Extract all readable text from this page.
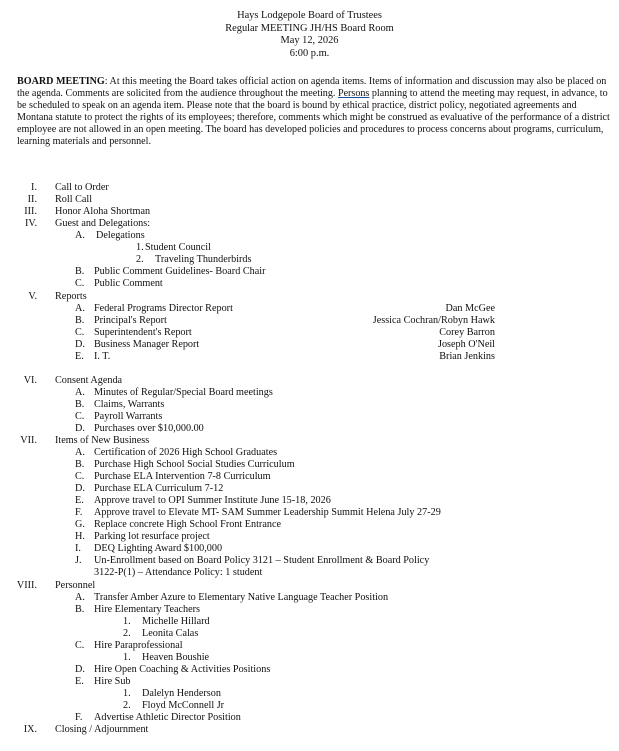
Hays Lodgepole Board of Trustees
Regular MEETING JH/HS Board Room
May 12, 2026
6:00 p.m.
BOARD MEETING: At this meeting the Board takes official action on agenda items. Items of information and discussion may also be placed on the agenda. Comments are solicited from the audience throughout the meeting. Persons planning to attend the meeting may request, in advance, to be scheduled to speak on an agenda item. Please note that the board is bound by ethical practice, district policy, negotiated agreements and Montana statute to protect the rights of its employees; therefore, comments which might be construed as evaluative of the performance of a district employee are not allowed in an open meeting. The board has developed policies and procedures to process concerns about programs, curriculum, learning materials and personnel.
I. Call to Order
II. Roll Call
III. Honor Aloha Shortman
IV. Guest and Delegations:
A. Delegations
1. Student Council
2. Traveling Thunderbirds
B. Public Comment Guidelines- Board Chair
C. Public Comment
V. Reports
A. Federal Programs Director Report	Dan McGee
B. Principal's Report	Jessica Cochran/Robyn Hawk
C. Superintendent's Report	Corey Barron
D. Business Manager Report	Joseph O'Neil
E. I. T.	Brian Jenkins
VI. Consent Agenda
A. Minutes of Regular/Special Board meetings
B. Claims, Warrants
C. Payroll Warrants
D. Purchases over $10,000.00
VII. Items of New Business
A. Certification of 2026 High School Graduates
B. Purchase High School Social Studies Curriculum
C. Purchase ELA Intervention 7-8 Curriculum
D. Purchase ELA Curriculum 7-12
E. Approve travel to OPI Summer Institute June 15-18, 2026
F. Approve travel to Elevate MT- SAM Summer Leadership Summit Helena July 27-29
G. Replace concrete High School Front Entrance
H. Parking lot resurface project
I. DEQ Lighting Award $100,000
J. Un-Enrollment based on Board Policy 3121 – Student Enrollment & Board Policy
3122-P(1) – Attendance Policy: 1 student
VIII. Personnel
A. Transfer Amber Azure to Elementary Native Language Teacher Position
B. Hire Elementary Teachers
1. Michelle Hillard
2. Leonita Calas
C. Hire Paraprofessional
1. Heaven Boushie
D. Hire Open Coaching & Activities Positions
E. Hire Sub
1. Dalelyn Henderson
2. Floyd McConnell Jr
F. Advertise Athletic Director Position
IX. Closing / Adjournment
